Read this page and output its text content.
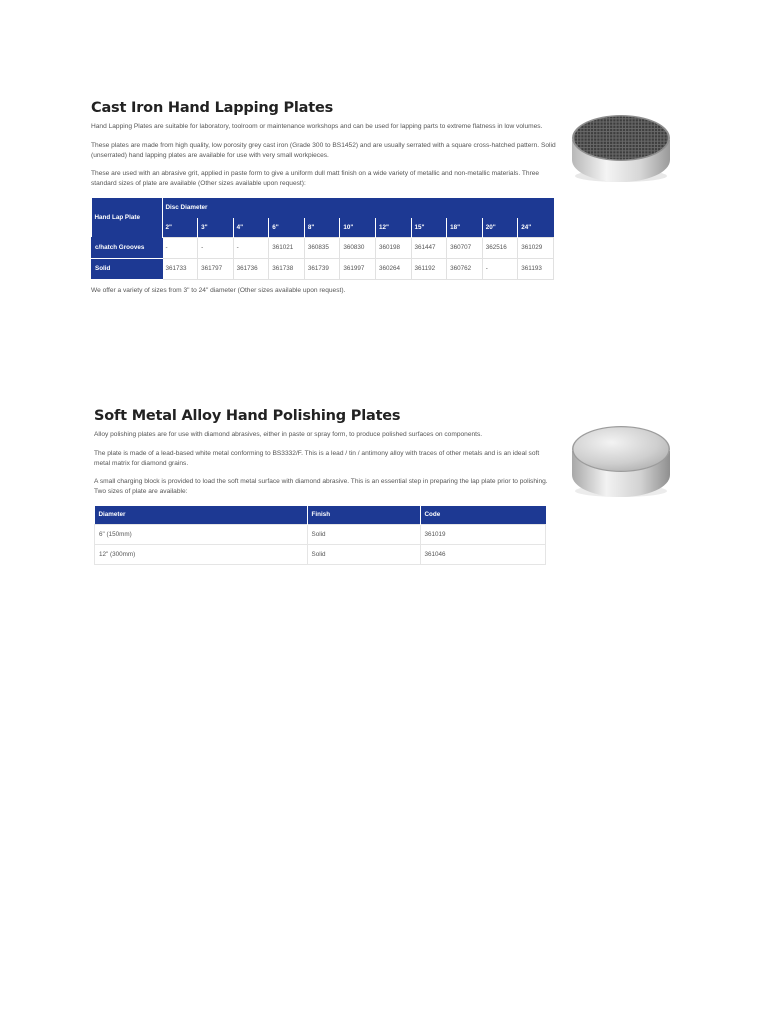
Cast Iron Hand Lapping Plates

Hand Lapping Plates are suitable for laboratory, toolroom or maintenance workshops and can be used for lapping parts to extreme flatness in low volumes.

These plates are made from high quality, low porosity grey cast iron (Grade 300 to BS1452) and are usually serrated with a square cross-hatched pattern. Solid (unserrated) hand lapping plates are available for use with very small workpieces.

These are used with an abrasive grit, applied in paste form to give a uniform dull matt finish on a wide variety of metallic and non-metallic materials. Three standard sizes of plate are available (Other sizes available upon request):

Hand Lap Plate	Disc Diameter										
	2"	3"	4"	6"	8"	10"	12"	15"	18"	20"	24"
c/hatch Grooves	-	-	-	361021	360835	360830	360198	361447	360707	362516	361029
Solid	361733	361797	361736	361738	361739	361997	360264	361192	360762	-	361193

We offer a variety of sizes from 3" to 24" diameter (Other sizes available upon request).

Soft Metal Alloy Hand Polishing Plates

Alloy polishing plates are for use with diamond abrasives, either in paste or spray form, to produce polished surfaces on components.

The plate is made of a lead-based white metal conforming to BS3332/F. This is a lead / tin / antimony alloy with traces of other metals and is an ideal soft metal matrix for diamond grains.

A small charging block is provided to load the soft metal surface with diamond abrasive. This is an essential step in preparing the lap plate prior to polishing. Two sizes of plate are available:

Diameter	Finish	Code
6" (150mm)	Solid	361019
12" (300mm)	Solid	361046
